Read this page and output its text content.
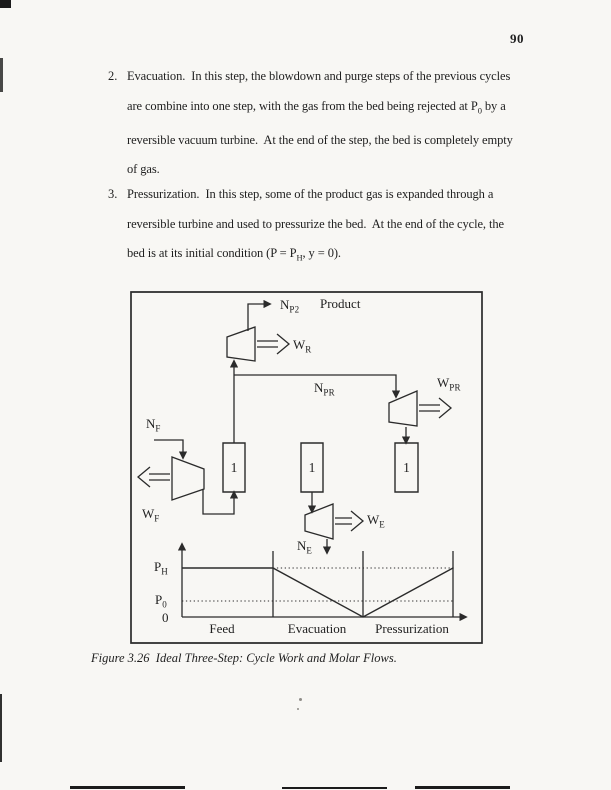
90
2. Evacuation.  In this step, the blowdown and purge steps of the previous cycles
are combine into one step, with the gas from the bed being rejected at $P_0$ by a
reversible vacuum turbine.  At the end of the step, the bed is completely empty
of gas.
3. Pressurization.  In this step, some of the product gas is expanded through a
reversible turbine and used to pressurize the bed.  At the end of the cycle, the
bed is at its initial condition ($P = P_H$, y = 0).
$N_{P2}$ Product
$W_R$
$N_{PR}$
$W_{PR}$
$N_F$
$W_F$	$W_E$
$N_E$
1	1	1
$P_H$
$P_0$
0
Feed	Evacuation Pressurization
Figure 3.26  Ideal Three-Step: Cycle Work and Molar Flows.
